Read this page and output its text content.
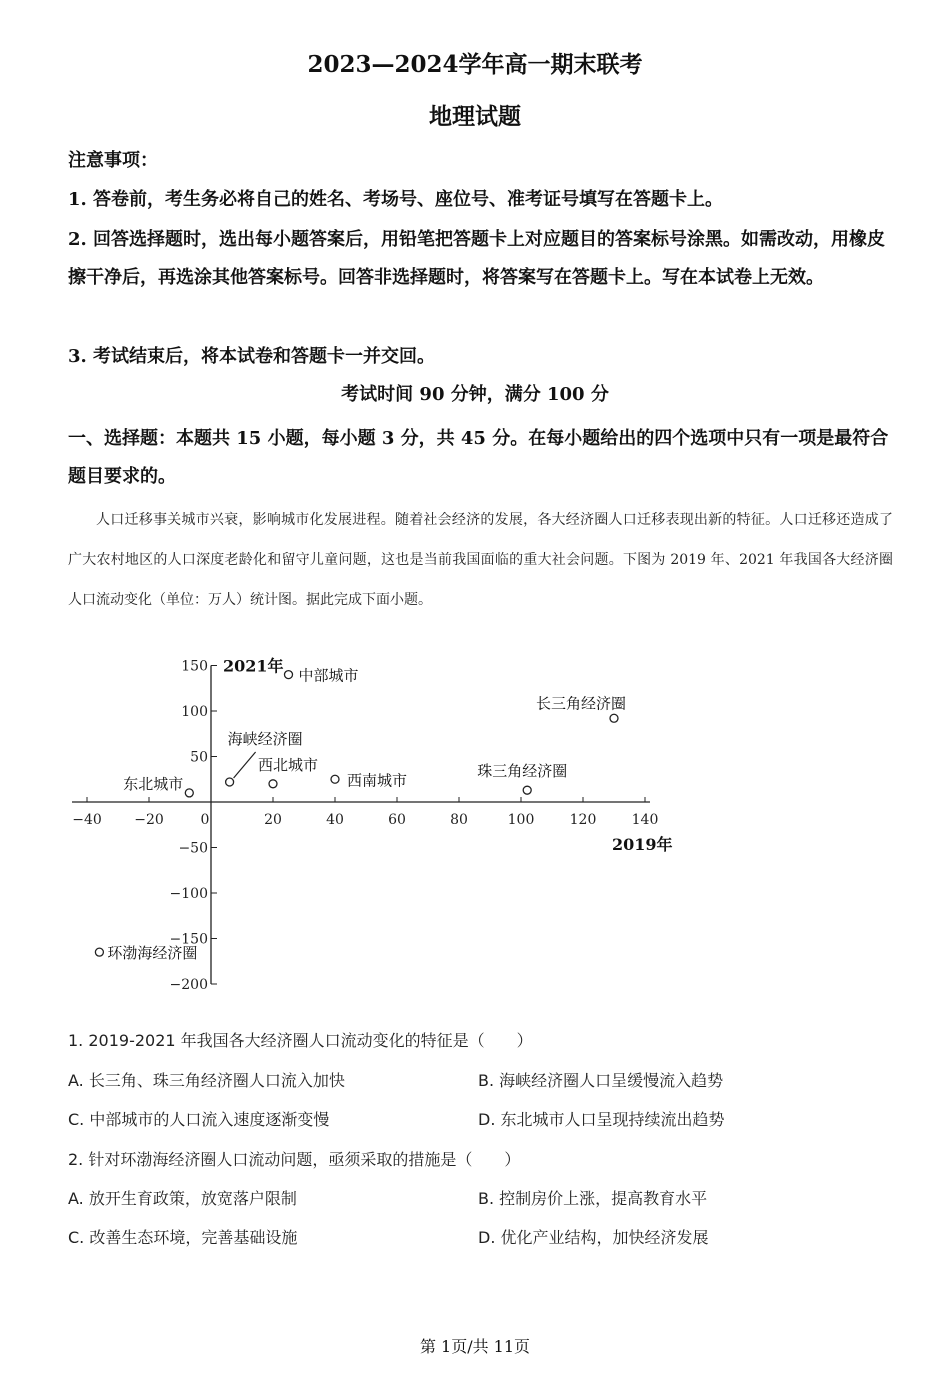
2023—2024学年高一期末联考
地理试题
注意事项：
1. 答卷前，考生务必将自己的姓名、考场号、座位号、准考证号填写在答题卡上。
2. 回答选择题时，选出每小题答案后，用铅笔把答题卡上对应题目的答案标号涂黑。如需改动，用橡皮擦干净后，再选涂其他答案标号。回答非选择题时，将答案写在答题卡上。写在本试卷上无效。
3. 考试结束后，将本试卷和答题卡一并交回。
考试时间 90 分钟，满分 100 分
一、选择题：本题共 15 小题，每小题 3 分，共 45 分。在每小题给出的四个选项中只有一项是最符合题目要求的。
人口迁移事关城市兴衰，影响城市化发展进程。随着社会经济的发展，各大经济圈人口迁移表现出新的特征。人口迁移还造成了广大农村地区的人口深度老龄化和留守儿童问题，这也是当前我国面临的重大社会问题。下图为 2019 年、2021 年我国各大经济圈人口流动变化（单位：万人）统计图。据此完成下面小题。
2021年
2019年
−40 −20	0	20	40	60	80	100	120	140
150
100
50
−50
−100
−150
−200
中部城市
长三角经济圈
海峡经济圈
西北城市
西南城市
珠三角经济圈
东北城市
环渤海经济圈
1. 2019-2021 年我国各大经济圈人口流动变化的特征是（　　）
A. 长三角、珠三角经济圈人口流入加快	B. 海峡经济圈人口呈缓慢流入趋势
C. 中部城市的人口流入速度逐渐变慢	D. 东北城市人口呈现持续流出趋势
2. 针对环渤海经济圈人口流动问题，亟须采取的措施是（　　）
A. 放开生育政策，放宽落户限制	B. 控制房价上涨，提高教育水平
C. 改善生态环境，完善基础设施	D. 优化产业结构，加快经济发展
第 1页/共 11页
